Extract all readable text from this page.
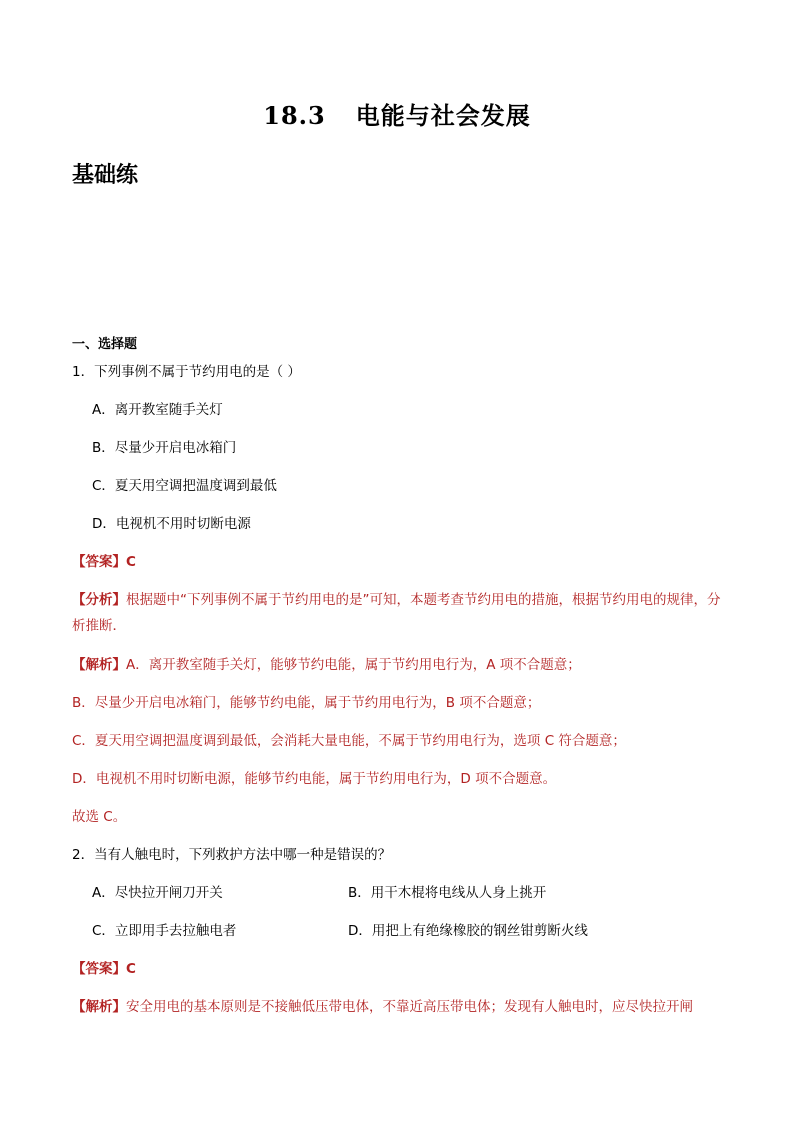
18.3 电能与社会发展
基础练
一、选择题
1．下列事例不属于节约用电的是（ ）
A．离开教室随手关灯
B．尽量少开启电冰箱门
C．夏天用空调把温度调到最低
D．电视机不用时切断电源
【答案】C
【分析】根据题中“下列事例不属于节约用电的是”可知，本题考查节约用电的措施，根据节约用电的规律，分析推断．
【解析】A．离开教室随手关灯，能够节约电能，属于节约用电行为，A 项不合题意；
B．尽量少开启电冰箱门，能够节约电能，属于节约用电行为，B 项不合题意；
C．夏天用空调把温度调到最低，会消耗大量电能，不属于节约用电行为，选项 C 符合题意；
D．电视机不用时切断电源，能够节约电能，属于节约用电行为，D 项不合题意。
故选 C。
2．当有人触电时，下列救护方法中哪一种是错误的？
A．尽快拉开闸刀开关	B．用干木棍将电线从人身上挑开
C．立即用手去拉触电者	D．用把上有绝缘橡胶的钢丝钳剪断火线
【答案】C
【解析】安全用电的基本原则是不接触低压带电体，不靠近高压带电体；发现有人触电时，应尽快拉开闸
